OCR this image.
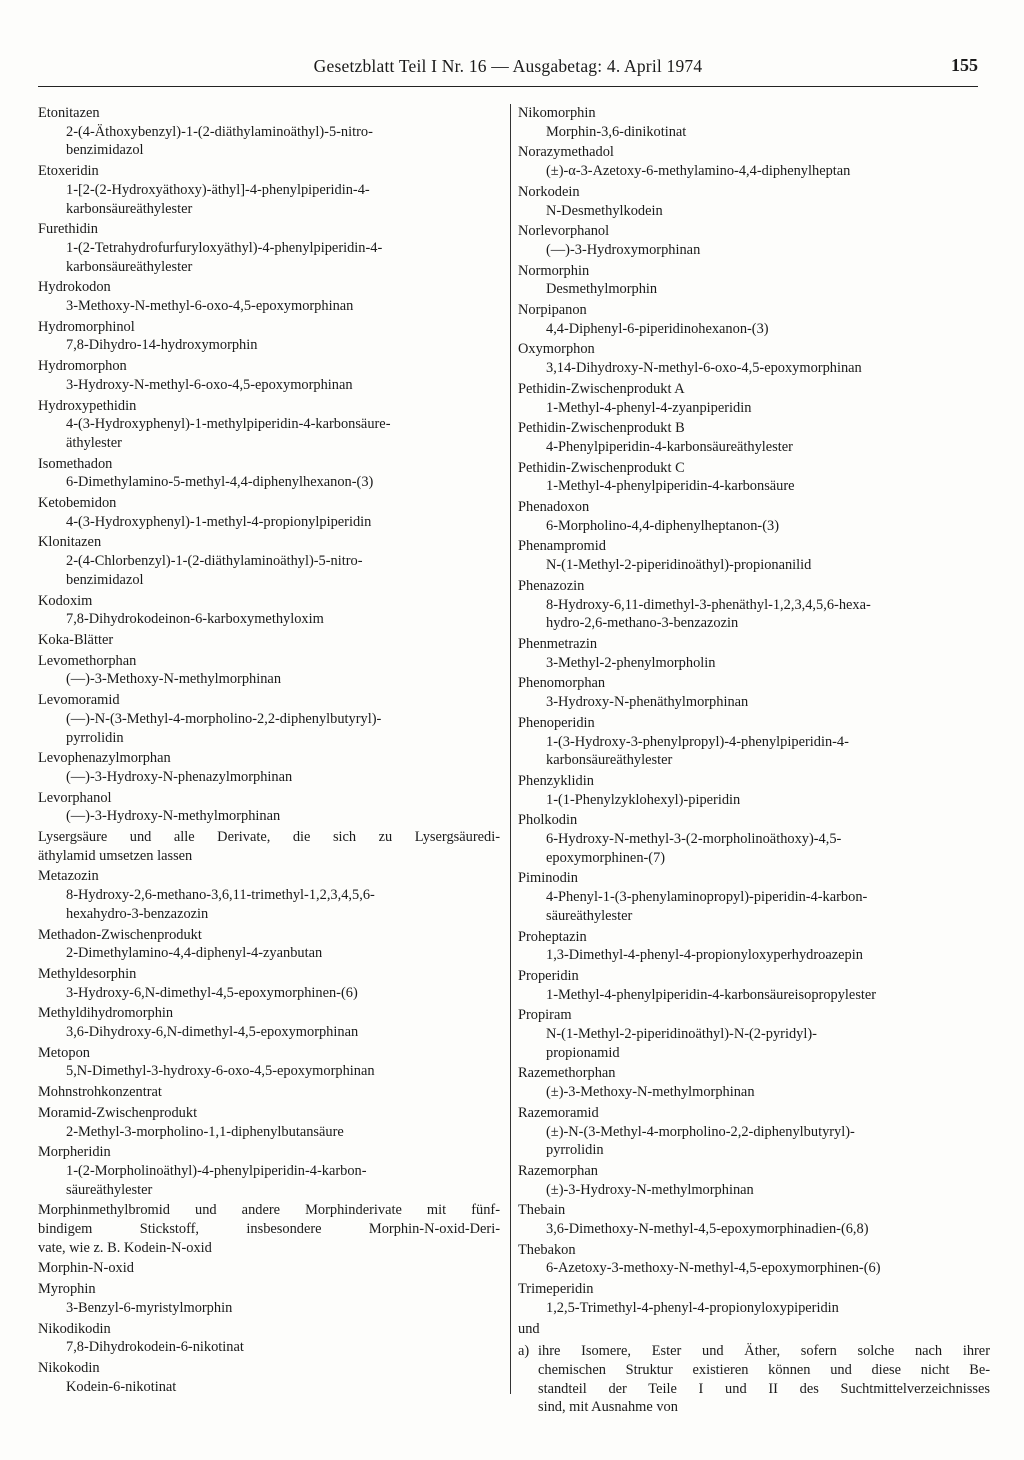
Gesetzblatt Teil I Nr. 16 — Ausgabetag: 4. April 1974	155
Etonitazen
2-(4-Äthoxybenzyl)-1-(2-diäthylaminoäthyl)-5-nitro-
benzimidazol
Etoxeridin
1-[2-(2-Hydroxyäthoxy)-äthyl]-4-phenylpiperidin-4-
karbonsäureäthylester
Furethidin
1-(2-Tetrahydrofurfuryloxyäthyl)-4-phenylpiperidin-4-
karbonsäureäthylester
Hydrokodon
3-Methoxy-N-methyl-6-oxo-4,5-epoxymorphinan
Hydromorphinol
7,8-Dihydro-14-hydroxymorphin
Hydromorphon
3-Hydroxy-N-methyl-6-oxo-4,5-epoxymorphinan
Hydroxypethidin
4-(3-Hydroxyphenyl)-1-methylpiperidin-4-karbonsäure-
äthylester
Isomethadon
6-Dimethylamino-5-methyl-4,4-diphenylhexanon-(3)
Ketobemidon
4-(3-Hydroxyphenyl)-1-methyl-4-propionylpiperidin
Klonitazen
2-(4-Chlorbenzyl)-1-(2-diäthylaminoäthyl)-5-nitro-
benzimidazol
Kodoxim
7,8-Dihydrokodeinon-6-karboxymethyloxim
Koka-Blätter
Levomethorphan
(—)-3-Methoxy-N-methylmorphinan
Levomoramid
(—)-N-(3-Methyl-4-morpholino-2,2-diphenylbutyryl)-
pyrrolidin
Levophenazylmorphan
(—)-3-Hydroxy-N-phenazylmorphinan
Levorphanol
(—)-3-Hydroxy-N-methylmorphinan
Lysergsäure und alle Derivate, die sich zu Lysergsäuredi-
äthylamid umsetzen lassen
Metazozin
8-Hydroxy-2,6-methano-3,6,11-trimethyl-1,2,3,4,5,6-
hexahydro-3-benzazozin
Methadon-Zwischenprodukt
2-Dimethylamino-4,4-diphenyl-4-zyanbutan
Methyldesorphin
3-Hydroxy-6,N-dimethyl-4,5-epoxymorphinen-(6)
Methyldihydromorphin
3,6-Dihydroxy-6,N-dimethyl-4,5-epoxymorphinan
Metopon
5,N-Dimethyl-3-hydroxy-6-oxo-4,5-epoxymorphinan
Mohnstrohkonzentrat
Moramid-Zwischenprodukt
2-Methyl-3-morpholino-1,1-diphenylbutansäure
Morpheridin
1-(2-Morpholinoäthyl)-4-phenylpiperidin-4-karbon-
säureäthylester
Morphinmethylbromid und andere Morphinderivate mit fünf-
bindigem Stickstoff, insbesondere Morphin-N-oxid-Deri-
vate, wie z. B. Kodein-N-oxid
Morphin-N-oxid
Myrophin
3-Benzyl-6-myristylmorphin
Nikodikodin
7,8-Dihydrokodein-6-nikotinat
Nikokodin
Kodein-6-nikotinat
Nikomorphin
Morphin-3,6-dinikotinat
Norazymethadol
(±)-α-3-Azetoxy-6-methylamino-4,4-diphenylheptan
Norkodein
N-Desmethylkodein
Norlevorphanol
(—)-3-Hydroxymorphinan
Normorphin
Desmethylmorphin
Norpipanon
4,4-Diphenyl-6-piperidinohexanon-(3)
Oxymorphon
3,14-Dihydroxy-N-methyl-6-oxo-4,5-epoxymorphinan
Pethidin-Zwischenprodukt A
1-Methyl-4-phenyl-4-zyanpiperidin
Pethidin-Zwischenprodukt B
4-Phenylpiperidin-4-karbonsäureäthylester
Pethidin-Zwischenprodukt C
1-Methyl-4-phenylpiperidin-4-karbonsäure
Phenadoxon
6-Morpholino-4,4-diphenylheptanon-(3)
Phenampromid
N-(1-Methyl-2-piperidinoäthyl)-propionanilid
Phenazozin
8-Hydroxy-6,11-dimethyl-3-phenäthyl-1,2,3,4,5,6-hexa-
hydro-2,6-methano-3-benzazozin
Phenmetrazin
3-Methyl-2-phenylmorpholin
Phenomorphan
3-Hydroxy-N-phenäthylmorphinan
Phenoperidin
1-(3-Hydroxy-3-phenylpropyl)-4-phenylpiperidin-4-
karbonsäureäthylester
Phenzyklidin
1-(1-Phenylzyklohexyl)-piperidin
Pholkodin
6-Hydroxy-N-methyl-3-(2-morpholinoäthoxy)-4,5-
epoxymorphinen-(7)
Piminodin
4-Phenyl-1-(3-phenylaminopropyl)-piperidin-4-karbon-
säureäthylester
Proheptazin
1,3-Dimethyl-4-phenyl-4-propionyloxyperhydroazepin
Properidin
1-Methyl-4-phenylpiperidin-4-karbonsäureisopropylester
Propiram
N-(1-Methyl-2-piperidinoäthyl)-N-(2-pyridyl)-
propionamid
Razemethorphan
(±)-3-Methoxy-N-methylmorphinan
Razemoramid
(±)-N-(3-Methyl-4-morpholino-2,2-diphenylbutyryl)-
pyrrolidin
Razemorphan
(±)-3-Hydroxy-N-methylmorphinan
Thebain
3,6-Dimethoxy-N-methyl-4,5-epoxymorphinadien-(6,8)
Thebakon
6-Azetoxy-3-methoxy-N-methyl-4,5-epoxymorphinen-(6)
Trimeperidin
1,2,5-Trimethyl-4-phenyl-4-propionyloxypiperidin
und
a) ihre Isomere, Ester und Äther, sofern solche nach ihrer
chemischen Struktur existieren können und diese nicht Be-
standteil der Teile I und II des Suchtmittelverzeichnisses
sind, mit Ausnahme von
